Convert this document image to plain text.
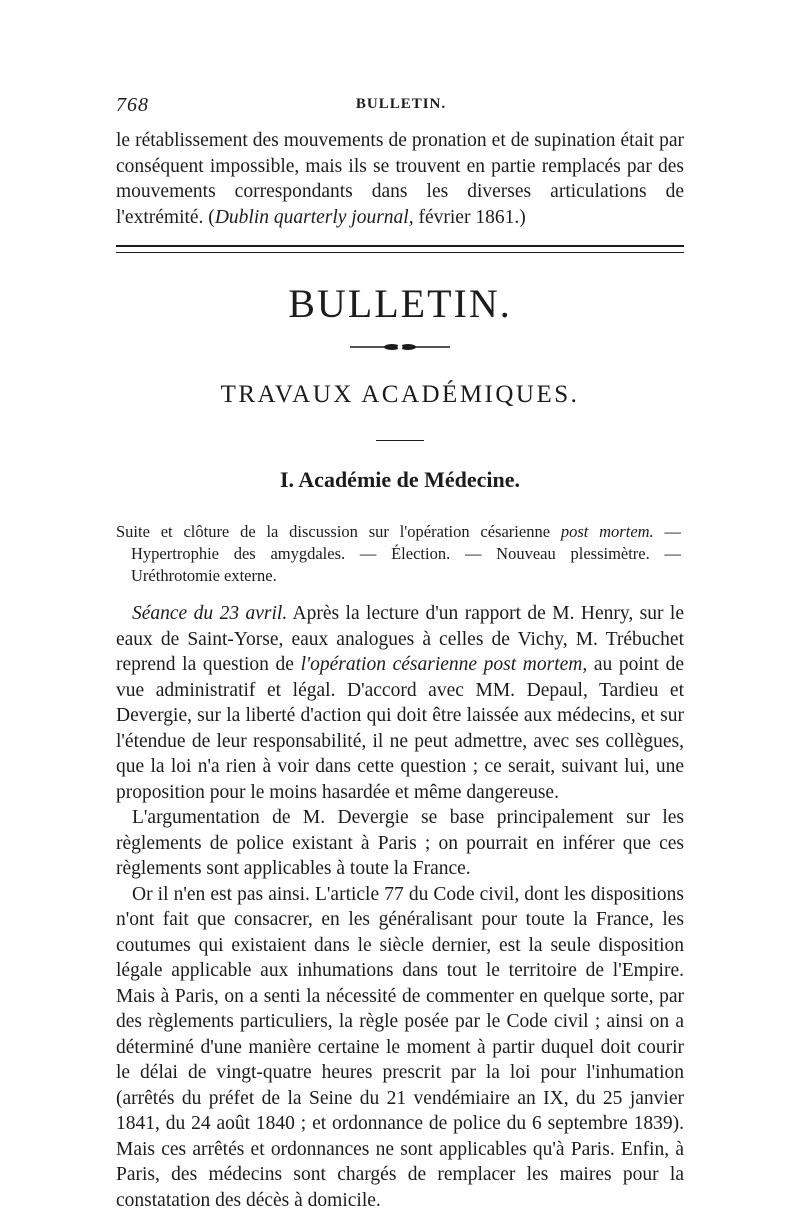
768	BULLETIN.

le rétablissement des mouvements de pronation et de supination était par conséquent impossible, mais ils se trouvent en partie remplacés par des mouvements correspondants dans les diverses articulations de l'extrémité. (Dublin quarterly journal, février 1861.)

BULLETIN.
TRAVAUX ACADÉMIQUES.
I. Académie de Médecine.

Suite et clôture de la discussion sur l'opération césarienne post mortem. — Hypertrophie des amygdales. — Élection. — Nouveau plessimètre. — Uréthrotomie externe.

Séance du 23 avril. Après la lecture d'un rapport de M. Henry, sur le eaux de Saint-Yorse, eaux analogues à celles de Vichy, M. Trébuchet reprend la question de l'opération césarienne post mortem, au point de vue administratif et légal. D'accord avec MM. Depaul, Tardieu et Devergie, sur la liberté d'action qui doit être laissée aux médecins, et sur l'étendue de leur responsabilité, il ne peut admettre, avec ses collègues, que la loi n'a rien à voir dans cette question ; ce serait, suivant lui, une proposition pour le moins hasardée et même dangereuse.

L'argumentation de M. Devergie se base principalement sur les règlements de police existant à Paris ; on pourrait en inférer que ces règlements sont applicables à toute la France.

Or il n'en est pas ainsi. L'article 77 du Code civil, dont les dispositions n'ont fait que consacrer, en les généralisant pour toute la France, les coutumes qui existaient dans le siècle dernier, est la seule disposition légale applicable aux inhumations dans tout le territoire de l'Empire. Mais à Paris, on a senti la nécessité de commenter en quelque sorte, par des règlements particuliers, la règle posée par le Code civil ; ainsi on a déterminé d'une manière certaine le moment à partir duquel doit courir le délai de vingt-quatre heures prescrit par la loi pour l'inhumation (arrêtés du préfet de la Seine du 21 vendémiaire an IX, du 25 janvier 1841, du 24 août 1840 ; et ordonnance de police du 6 septembre 1839). Mais ces arrêtés et ordonnances ne sont applicables qu'à Paris. Enfin, à Paris, des médecins sont chargés de remplacer les maires pour la constatation des décès à domicile.
